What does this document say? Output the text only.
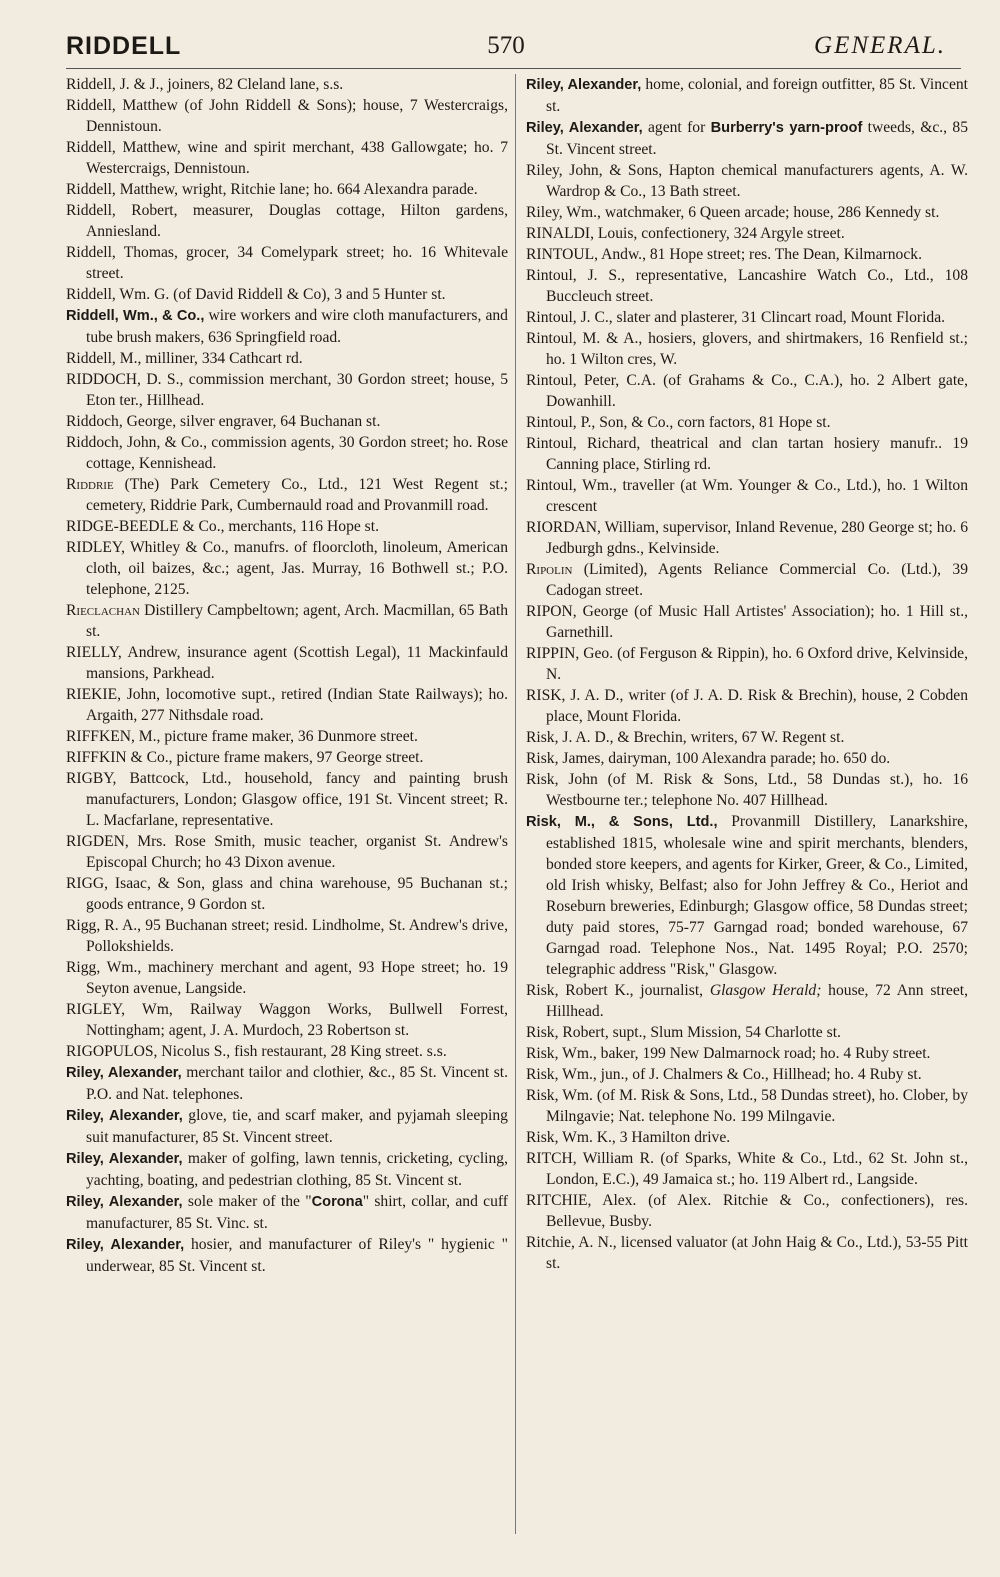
RIDDELL	570	GENERAL.
Riddell, J. & J., joiners, 82 Cleland lane, s.s.
Riddell, Matthew (of John Riddell & Sons); house, 7 Westercraigs, Dennistoun.
Riddell, Matthew, wine and spirit merchant, 438 Gallowgate; ho. 7 Westercraigs, Dennistoun.
Riddell, Matthew, wright, Ritchie lane; ho. 664 Alexandra parade.
Riddell, Robert, measurer, Douglas cottage, Hilton gardens, Anniesland.
Riddell, Thomas, grocer, 34 Comelypark street; ho. 16 Whitevale street.
Riddell, Wm. G. (of David Riddell & Co), 3 and 5 Hunter st.
Riddell, Wm., & Co., wire workers and wire cloth manufacturers, and tube brush makers, 636 Springfield road.
Riddell, M., milliner, 334 Cathcart rd.
RIDDOCH, D. S., commission merchant, 30 Gordon street; house, 5 Eton ter., Hillhead.
Riddoch, George, silver engraver, 64 Buchanan st.
Riddoch, John, & Co., commission agents, 30 Gordon street; ho. Rose cottage, Kennishead.
Riddrie (The) Park Cemetery Co., Ltd., 121 West Regent st.; cemetery, Riddrie Park, Cumbernauld road and Provanmill road.
RIDGE-BEEDLE & Co., merchants, 116 Hope st.
RIDLEY, Whitley & Co., manufrs. of floorcloth, linoleum, American cloth, oil baizes, &c.; agent, Jas. Murray, 16 Bothwell st.; P.O. telephone, 2125.
Rieclachan Distillery Campbeltown; agent, Arch. Macmillan, 65 Bath st.
RIELLY, Andrew, insurance agent (Scottish Legal), 11 Mackinfauld mansions, Parkhead.
RIEKIE, John, locomotive supt., retired (Indian State Railways); ho. Argaith, 277 Nithsdale road.
RIFFKEN, M., picture frame maker, 36 Dunmore street.
RIFFKIN & Co., picture frame makers, 97 George street.
RIGBY, Battcock, Ltd., household, fancy and painting brush manufacturers, London; Glasgow office, 191 St. Vincent street; R. L. Macfarlane, representative.
RIGDEN, Mrs. Rose Smith, music teacher, organist St. Andrew's Episcopal Church; ho 43 Dixon avenue.
RIGG, Isaac, & Son, glass and china warehouse, 95 Buchanan st.; goods entrance, 9 Gordon st.
Rigg, R. A., 95 Buchanan street; resid. Lindholme, St. Andrew's drive, Pollokshields.
Rigg, Wm., machinery merchant and agent, 93 Hope street; ho. 19 Seyton avenue, Langside.
RIGLEY, Wm, Railway Waggon Works, Bullwell Forrest, Nottingham; agent, J. A. Murdoch, 23 Robertson st.
RIGOPULOS, Nicolus S., fish restaurant, 28 King street. s.s.
Riley, Alexander, merchant tailor and clothier, &c., 85 St. Vincent st. P.O. and Nat. telephones.
Riley, Alexander, glove, tie, and scarf maker, and pyjamah sleeping suit manufacturer, 85 St. Vincent street.
Riley, Alexander, maker of golfing, lawn tennis, cricketing, cycling, yachting, boating, and pedestrian clothing, 85 St. Vincent st.
Riley, Alexander, sole maker of the "Corona" shirt, collar, and cuff manufacturer, 85 St. Vinc. st.
Riley, Alexander, hosier, and manufacturer of Riley's " hygienic " underwear, 85 St. Vincent st.
Riley, Alexander, home, colonial, and foreign outfitter, 85 St. Vincent st.
Riley, Alexander, agent for Burberry's yarn-proof tweeds, &c., 85 St. Vincent street.
Riley, John, & Sons, Hapton chemical manufacturers agents, A. W. Wardrop & Co., 13 Bath street.
Riley, Wm., watchmaker, 6 Queen arcade; house, 286 Kennedy st.
RINALDI, Louis, confectionery, 324 Argyle street.
RINTOUL, Andw., 81 Hope street; res. The Dean, Kilmarnock.
Rintoul, J. S., representative, Lancashire Watch Co., Ltd., 108 Buccleuch street.
Rintoul, J. C., slater and plasterer, 31 Clincart road, Mount Florida.
Rintoul, M. & A., hosiers, glovers, and shirtmakers, 16 Renfield st.; ho. 1 Wilton cres, W.
Rintoul, Peter, C.A. (of Grahams & Co., C.A.), ho. 2 Albert gate, Dowanhill.
Rintoul, P., Son, & Co., corn factors, 81 Hope st.
Rintoul, Richard, theatrical and clan tartan hosiery manufr.. 19 Canning place, Stirling rd.
Rintoul, Wm., traveller (at Wm. Younger & Co., Ltd.), ho. 1 Wilton crescent
RIORDAN, William, supervisor, Inland Revenue, 280 George st; ho. 6 Jedburgh gdns., Kelvinside.
Ripolin (Limited), Agents Reliance Commercial Co. (Ltd.), 39 Cadogan street.
RIPON, George (of Music Hall Artistes' Association); ho. 1 Hill st., Garnethill.
RIPPIN, Geo. (of Ferguson & Rippin), ho. 6 Oxford drive, Kelvinside, N.
RISK, J. A. D., writer (of J. A. D. Risk & Brechin), house, 2 Cobden place, Mount Florida.
Risk, J. A. D., & Brechin, writers, 67 W. Regent st.
Risk, James, dairyman, 100 Alexandra parade; ho. 650 do.
Risk, John (of M. Risk & Sons, Ltd., 58 Dundas st.), ho. 16 Westbourne ter.; telephone No. 407 Hillhead.
Risk, M., & Sons, Ltd., Provanmill Distillery, Lanarkshire, established 1815, wholesale wine and spirit merchants, blenders, bonded store keepers, and agents for Kirker, Greer, & Co., Limited, old Irish whisky, Belfast; also for John Jeffrey & Co., Heriot and Roseburn breweries, Edinburgh; Glasgow office, 58 Dundas street; duty paid stores, 75-77 Garngad road; bonded warehouse, 67 Garngad road. Telephone Nos., Nat. 1495 Royal; P.O. 2570; telegraphic address "Risk," Glasgow.
Risk, Robert K., journalist, Glasgow Herald; house, 72 Ann street, Hillhead.
Risk, Robert, supt., Slum Mission, 54 Charlotte st.
Risk, Wm., baker, 199 New Dalmarnock road; ho. 4 Ruby street.
Risk, Wm., jun., of J. Chalmers & Co., Hillhead; ho. 4 Ruby st.
Risk, Wm. (of M. Risk & Sons, Ltd., 58 Dundas street), ho. Clober, by Milngavie; Nat. telephone No. 199 Milngavie.
Risk, Wm. K., 3 Hamilton drive.
RITCH, William R. (of Sparks, White & Co., Ltd., 62 St. John st., London, E.C.), 49 Jamaica st.; ho. 119 Albert rd., Langside.
RITCHIE, Alex. (of Alex. Ritchie & Co., confectioners), res. Bellevue, Busby.
Ritchie, A. N., licensed valuator (at John Haig & Co., Ltd.), 53-55 Pitt st.
